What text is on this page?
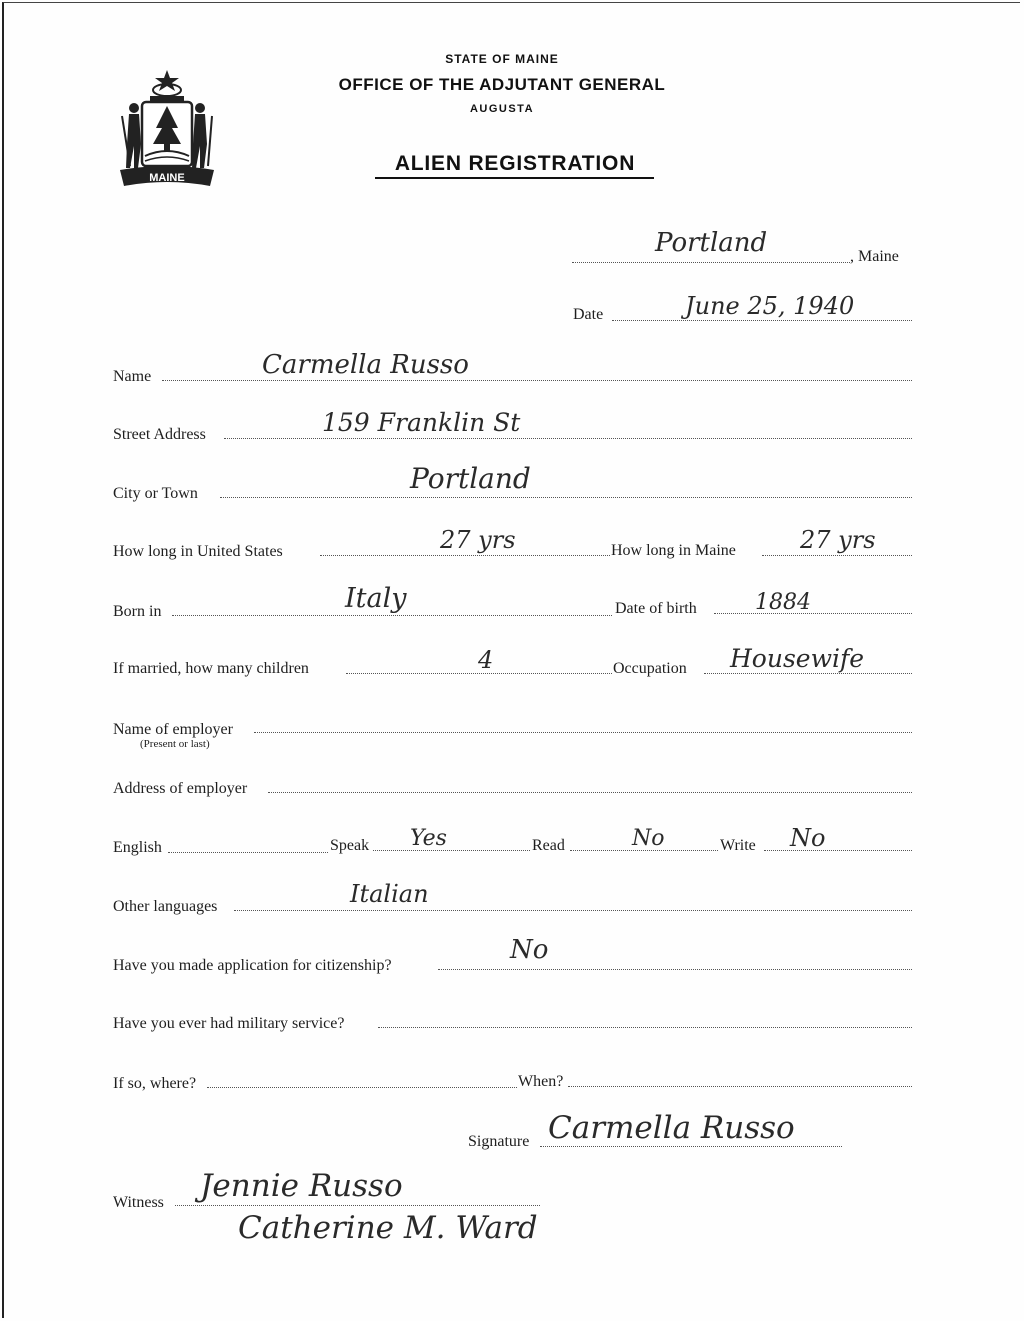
MAINE
STATE OF MAINE
OFFICE OF THE ADJUTANT GENERAL
AUGUSTA
ALIEN REGISTRATION
Portland	, Maine
Date	June 25, 1940
Name	Carmella Russo
Street Address	159 Franklin St
City or Town	Portland
How long in United States	27 yrs	How long in Maine	27 yrs
Born in	Italy	Date of birth	1884
If married, how many children	4	Occupation Housewife
Name of employer
(Present or last)
Address of employer
English	Speak Yes	Read	No	Write No
Other languages	Italian
Have you made application for citizenship?
No
Have you ever had military service?
If so, where?	When?
Signature Carmella Russo
Witness Jennie Russo
Catherine M. Ward
